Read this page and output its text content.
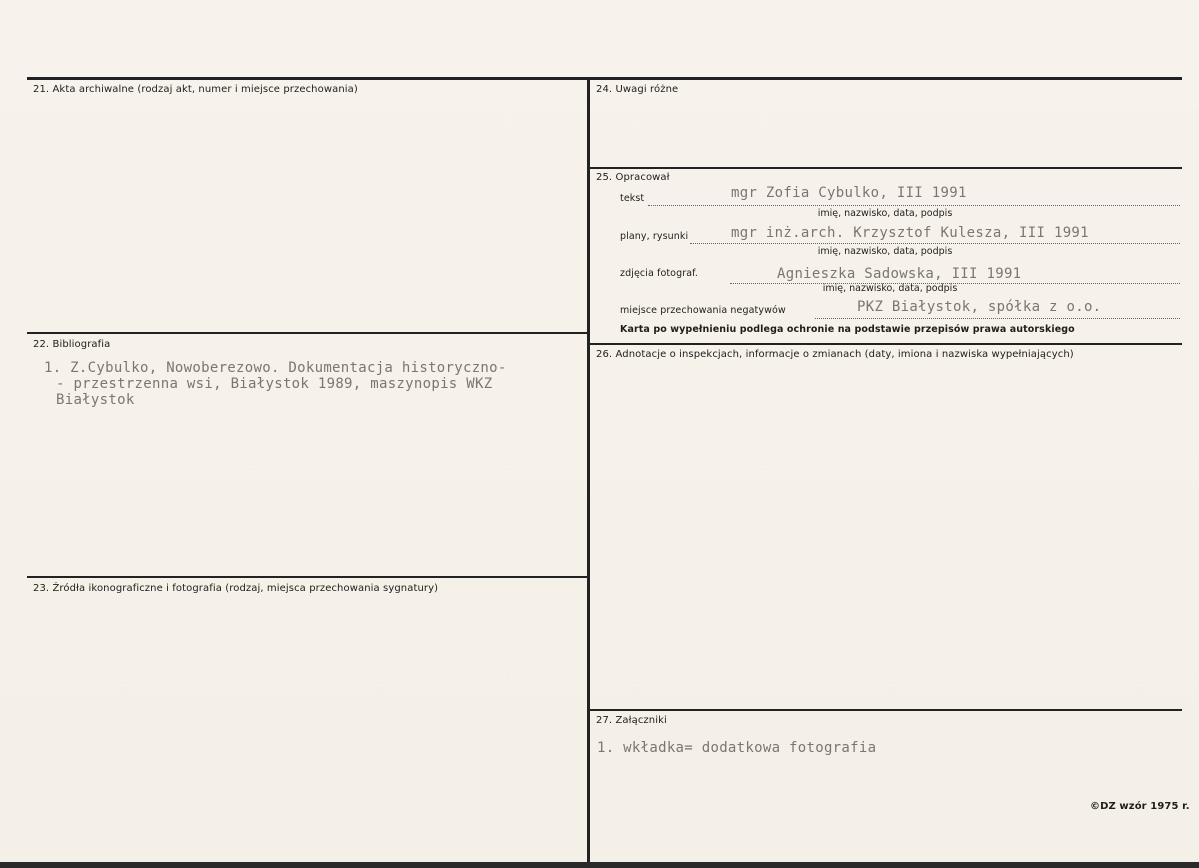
21. Akta archiwalne (rodzaj akt, numer i miejsce przechowania)
22. Bibliografia
1. Z.Cybulko, Nowoberezowo. Dokumentacja historyczno-
- przestrzenna wsi, Białystok 1989, maszynopis WKZ
Białystok
23. Źródła ikonograficzne i fotografia (rodzaj, miejsca przechowania sygnatury)
24. Uwagi różne
25. Opracował
tekst	mgr Zofia Cybulko, III 1991
imię, nazwisko, data, podpis
plany, rysunki	mgr inż.arch. Krzysztof Kulesza, III 1991
imię, nazwisko, data, podpis
zdjęcia fotograf.	Agnieszka Sadowska, III 1991
imię, nazwisko, data, podpis
miejsce przechowania negatywów	PKZ Białystok, spółka z o.o.
Karta po wypełnieniu podlega ochronie na podstawie przepisów prawa autorskiego
26. Adnotacje o inspekcjach, informacje o zmianach (daty, imiona i nazwiska wypełniających)
27. Załączniki
1. wkładka= dodatkowa fotografia
©DZ wzór 1975 r.
